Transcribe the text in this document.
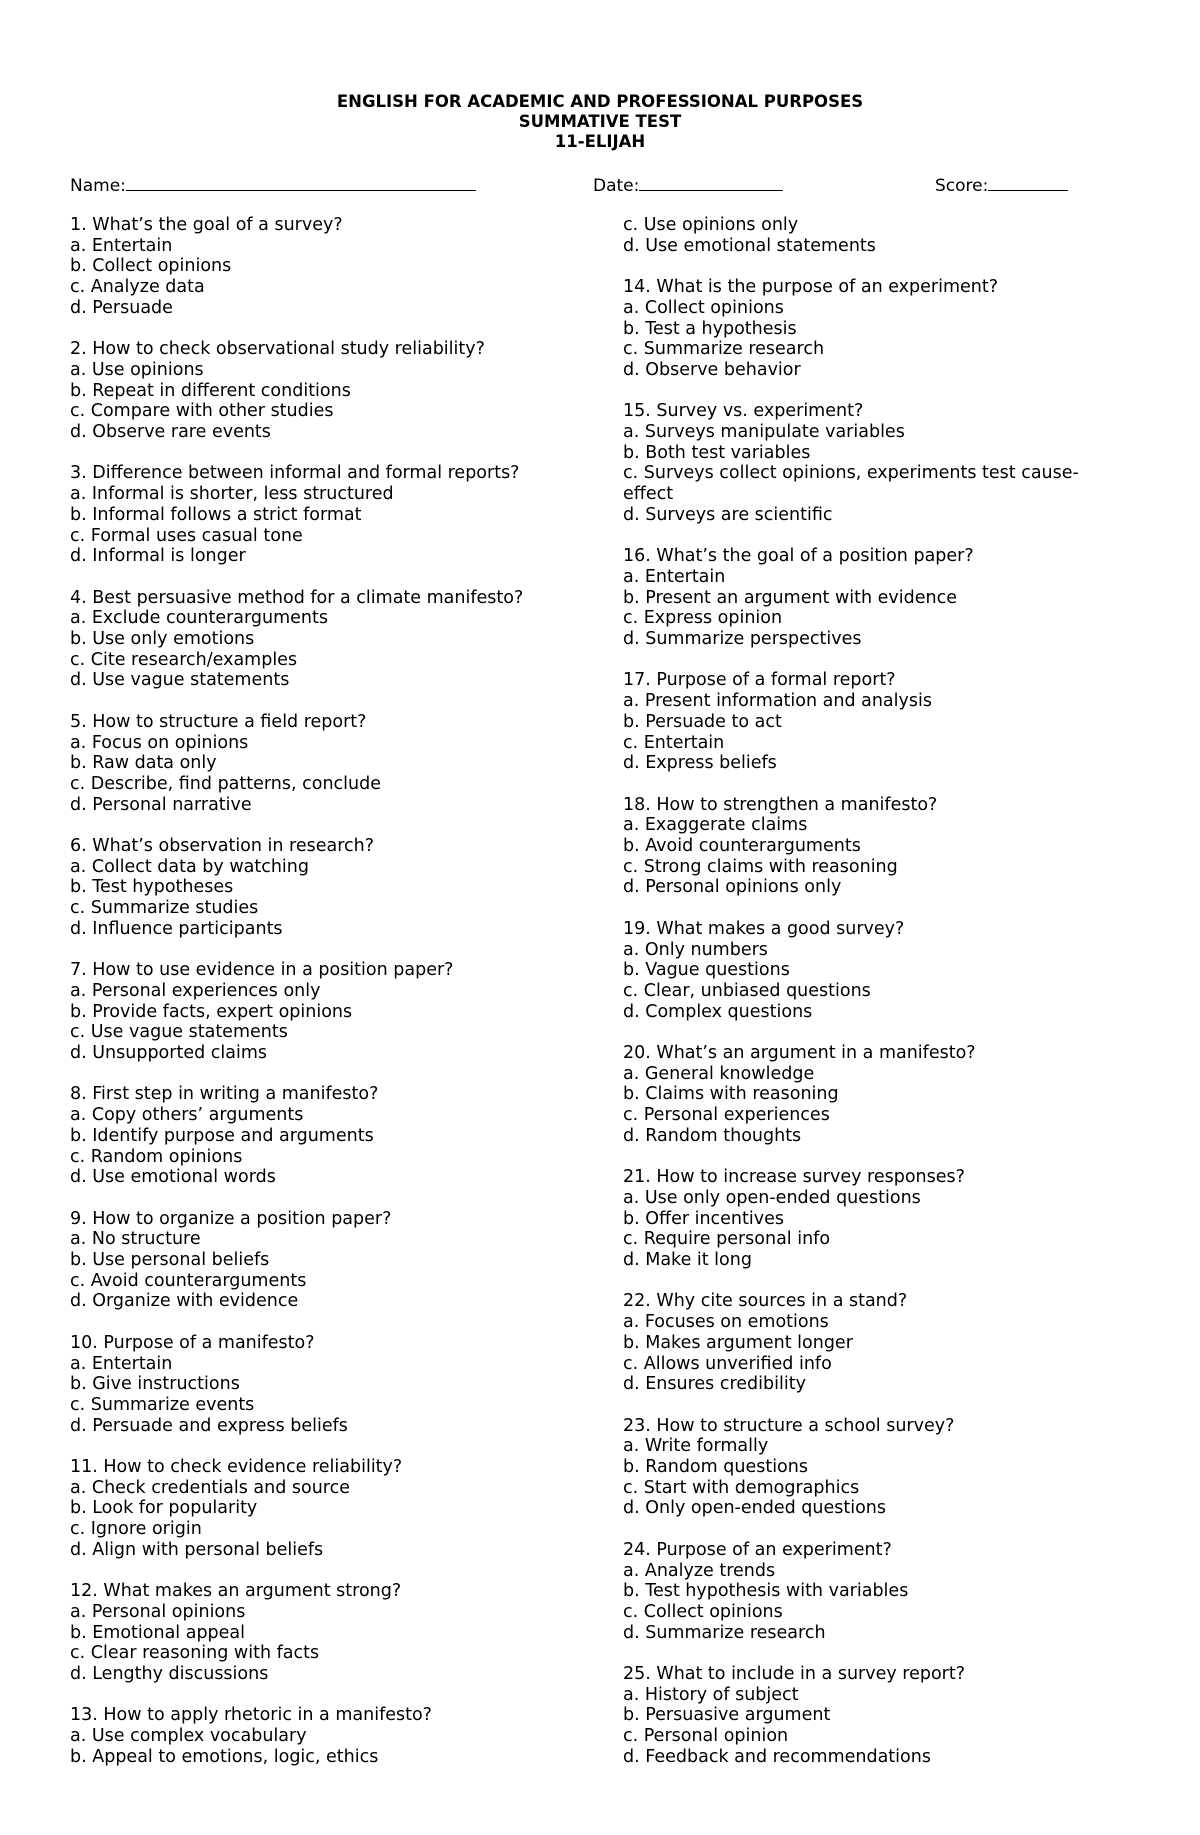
ENGLISH FOR ACADEMIC AND PROFESSIONAL PURPOSES
SUMMATIVE TEST
11-ELIJAH
Name:	Date:	Score:
1. What’s the goal of a survey?
a. Entertain
b. Collect opinions
c. Analyze data
d. Persuade
2. How to check observational study reliability?
a. Use opinions
b. Repeat in different conditions
c. Compare with other studies
d. Observe rare events
3. Difference between informal and formal reports?
a. Informal is shorter, less structured
b. Informal follows a strict format
c. Formal uses casual tone
d. Informal is longer
4. Best persuasive method for a climate manifesto?
a. Exclude counterarguments
b. Use only emotions
c. Cite research/examples
d. Use vague statements
5. How to structure a field report?
a. Focus on opinions
b. Raw data only
c. Describe, find patterns, conclude
d. Personal narrative
6. What’s observation in research?
a. Collect data by watching
b. Test hypotheses
c. Summarize studies
d. Influence participants
7. How to use evidence in a position paper?
a. Personal experiences only
b. Provide facts, expert opinions
c. Use vague statements
d. Unsupported claims
8. First step in writing a manifesto?
a. Copy others’ arguments
b. Identify purpose and arguments
c. Random opinions
d. Use emotional words
9. How to organize a position paper?
a. No structure
b. Use personal beliefs
c. Avoid counterarguments
d. Organize with evidence
10. Purpose of a manifesto?
a. Entertain
b. Give instructions
c. Summarize events
d. Persuade and express beliefs
11. How to check evidence reliability?
a. Check credentials and source
b. Look for popularity
c. Ignore origin
d. Align with personal beliefs
12. What makes an argument strong?
a. Personal opinions
b. Emotional appeal
c. Clear reasoning with facts
d. Lengthy discussions
13. How to apply rhetoric in a manifesto?
a. Use complex vocabulary
b. Appeal to emotions, logic, ethics
c. Use opinions only
d. Use emotional statements
14. What is the purpose of an experiment?
a. Collect opinions
b. Test a hypothesis
c. Summarize research
d. Observe behavior
15. Survey vs. experiment?
a. Surveys manipulate variables
b. Both test variables
c. Surveys collect opinions, experiments test cause-
effect
d. Surveys are scientific
16. What’s the goal of a position paper?
a. Entertain
b. Present an argument with evidence
c. Express opinion
d. Summarize perspectives
17. Purpose of a formal report?
a. Present information and analysis
b. Persuade to act
c. Entertain
d. Express beliefs
18. How to strengthen a manifesto?
a. Exaggerate claims
b. Avoid counterarguments
c. Strong claims with reasoning
d. Personal opinions only
19. What makes a good survey?
a. Only numbers
b. Vague questions
c. Clear, unbiased questions
d. Complex questions
20. What’s an argument in a manifesto?
a. General knowledge
b. Claims with reasoning
c. Personal experiences
d. Random thoughts
21. How to increase survey responses?
a. Use only open-ended questions
b. Offer incentives
c. Require personal info
d. Make it long
22. Why cite sources in a stand?
a. Focuses on emotions
b. Makes argument longer
c. Allows unverified info
d. Ensures credibility
23. How to structure a school survey?
a. Write formally
b. Random questions
c. Start with demographics
d. Only open-ended questions
24. Purpose of an experiment?
a. Analyze trends
b. Test hypothesis with variables
c. Collect opinions
d. Summarize research
25. What to include in a survey report?
a. History of subject
b. Persuasive argument
c. Personal opinion
d. Feedback and recommendations
